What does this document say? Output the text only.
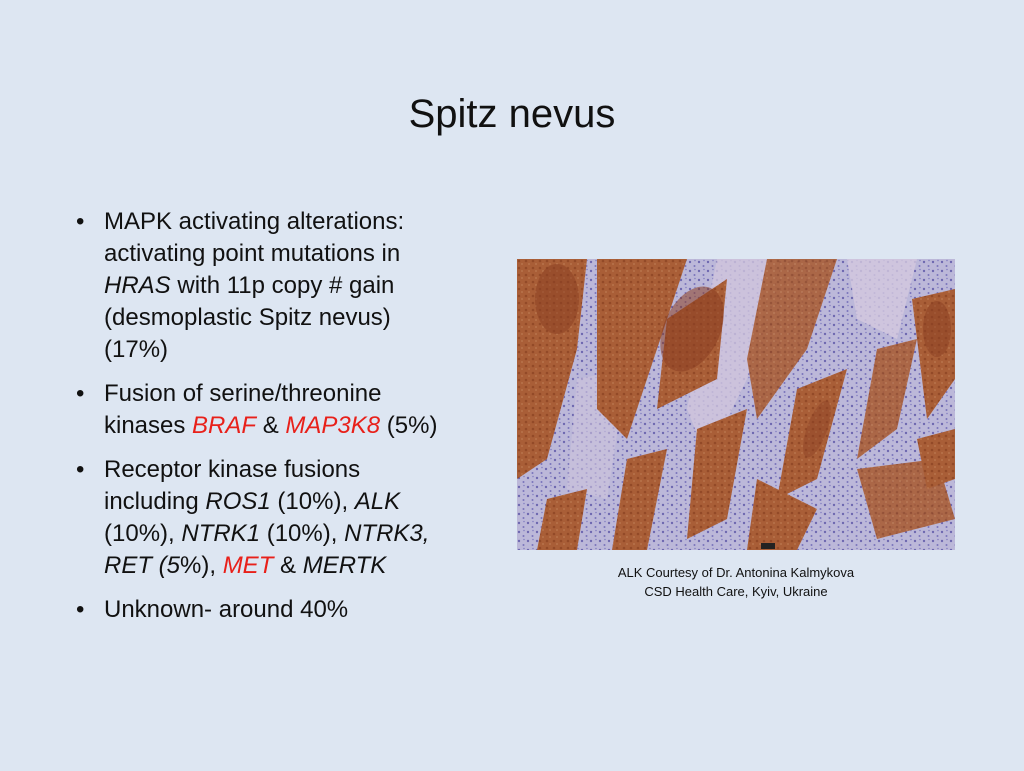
Spitz nevus
• MAPK activating alterations:
activating point mutations in
HRAS with 11p copy # gain
(desmoplastic Spitz nevus)
(17%)
• Fusion of serine/threonine
kinases BRAF & MAP3K8 (5%)
• Receptor kinase fusions
including ROS1 (10%), ALK
(10%), NTRK1 (10%), NTRK3,
RET (5%), MET & MERTK
• Unknown- around 40%
ALK Courtesy of Dr. Antonina Kalmykova
CSD Health Care, Kyiv, Ukraine
